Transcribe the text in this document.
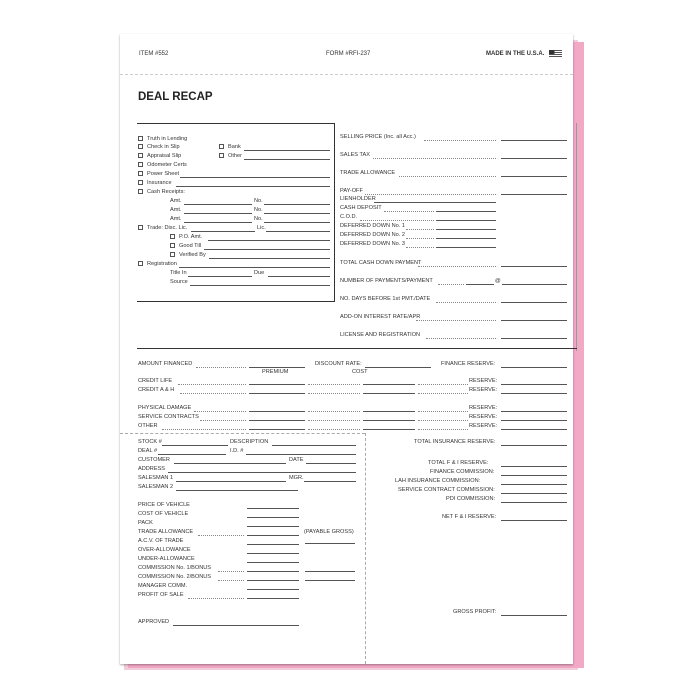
ITEM #552	FORM #RFI-237	MADE IN THE U.S.A.
DEAL RECAP
Truth in Lending
Check in Slip	Bank
Appraisal Slip	Other
Odometer Certs
Power Sheet
Insurance
Cash Receipts:
Amt.	No.
Amt.	No.
Amt.	No.
Trade: Disc. Lic.	Lic.
P.O. Amt.
Good Till
Verified By
Registration
Title In	Due
Source
SELLING PRICE (Inc. all Acc.)
SALES TAX
TRADE ALLOWANCE
PAY-OFF
LIENHOLDER
CASH DEPOSIT
C.O.D.
DEFERRED DOWN No. 1
DEFERRED DOWN No. 2
DEFERRED DOWN No. 3
TOTAL CASH DOWN PAYMENT
NUMBER OF PAYMENTS/PAYMENT	@
NO. DAYS BEFORE 1st PMT./DATE
ADD-ON INTEREST RATE/APR
LICENSE AND REGISTRATION
AMOUNT FINANCED	DISCOUNT RATE:	FINANCE RESERVE:
PREMIUM	COST
CREDIT LIFE	RESERVE:
CREDIT A & H	RESERVE:
PHYSICAL DAMAGE	RESERVE:
SERVICE CONTRACTS	RESERVE:
OTHER	RESERVE:
STOCK #	DESCRIPTION
DEAL #	I.D. #
CUSTOMER	DATE
ADDRESS
SALESMAN 1	MGR.
SALESMAN 2
PRICE OF VEHICLE
COST OF VEHICLE
PACK
TRADE ALLOWANCE	(PAYABLE GROSS)
A.C.V. OF TRADE
OVER-ALLOWANCE
UNDER-ALLOWANCE
COMMISSION No. 1/BONUS
COMMISSION No. 2/BONUS
MANAGER COMM.
PROFIT OF SALE
APPROVED
TOTAL INSURANCE RESERVE:
TOTAL F & I RESERVE:
FINANCE COMMISSION:
LAH INSURANCE COMMISSION:
SERVICE CONTRACT COMMISSION:
PDI COMMISSION:
NET F & I RESERVE:
GROSS PROFIT:
